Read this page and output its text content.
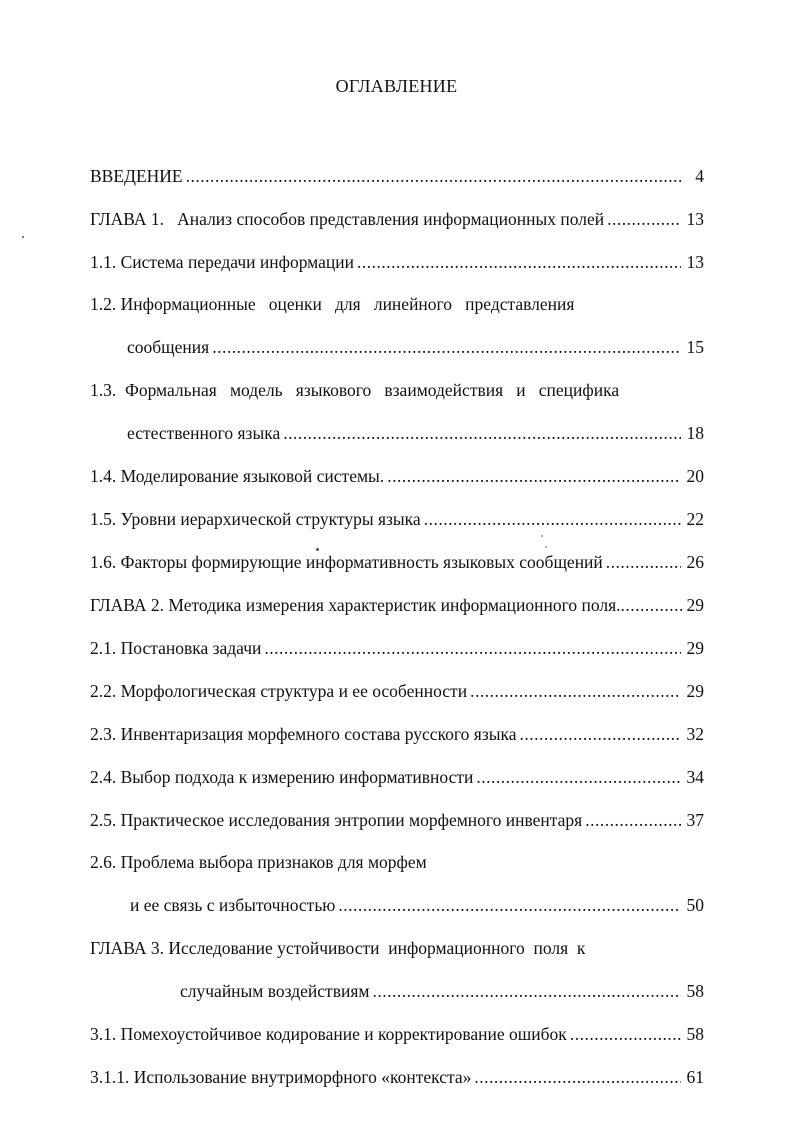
ОГЛАВЛЕНИЕ
ВВЕДЕНИЕ .....	4
ГЛАВА 1.   Анализ способов представления информационных полей .....	13
1.1. Система передачи информации .....	13
1.2. Информационные   оценки   для   линейного   представления
сообщения .....	15
1.3.  Формальная   модель   языкового   взаимодействия   и   специфика
естественного языка .....	18
1.4. Моделирование языковой системы. .....	20
1.5. Уровни иерархической структуры языка .....	22
1.6. Факторы формирующие информативность языковых сообщений .....	26
ГЛАВА 2. Методика измерения характеристик информационного поля. .....	29
2.1. Постановка задачи .....	29
2.2. Морфологическая структура и ее особенности .....	29
2.3. Инвентаризация морфемного состава русского языка .....	32
2.4. Выбор подхода к измерению информативности .....	34
2.5. Практическое исследования энтропии морфемного инвентаря .....	37
2.6. Проблема выбора признаков для морфем
и ее связь с избыточностью .....	50
ГЛАВА 3. Исследование устойчивости  информационного  поля  к
случайным воздействиям .....	58
3.1. Помехоустойчивое кодирование и корректирование ошибок .....	58
3.1.1. Использование внутриморфного «контекста» .....	61
